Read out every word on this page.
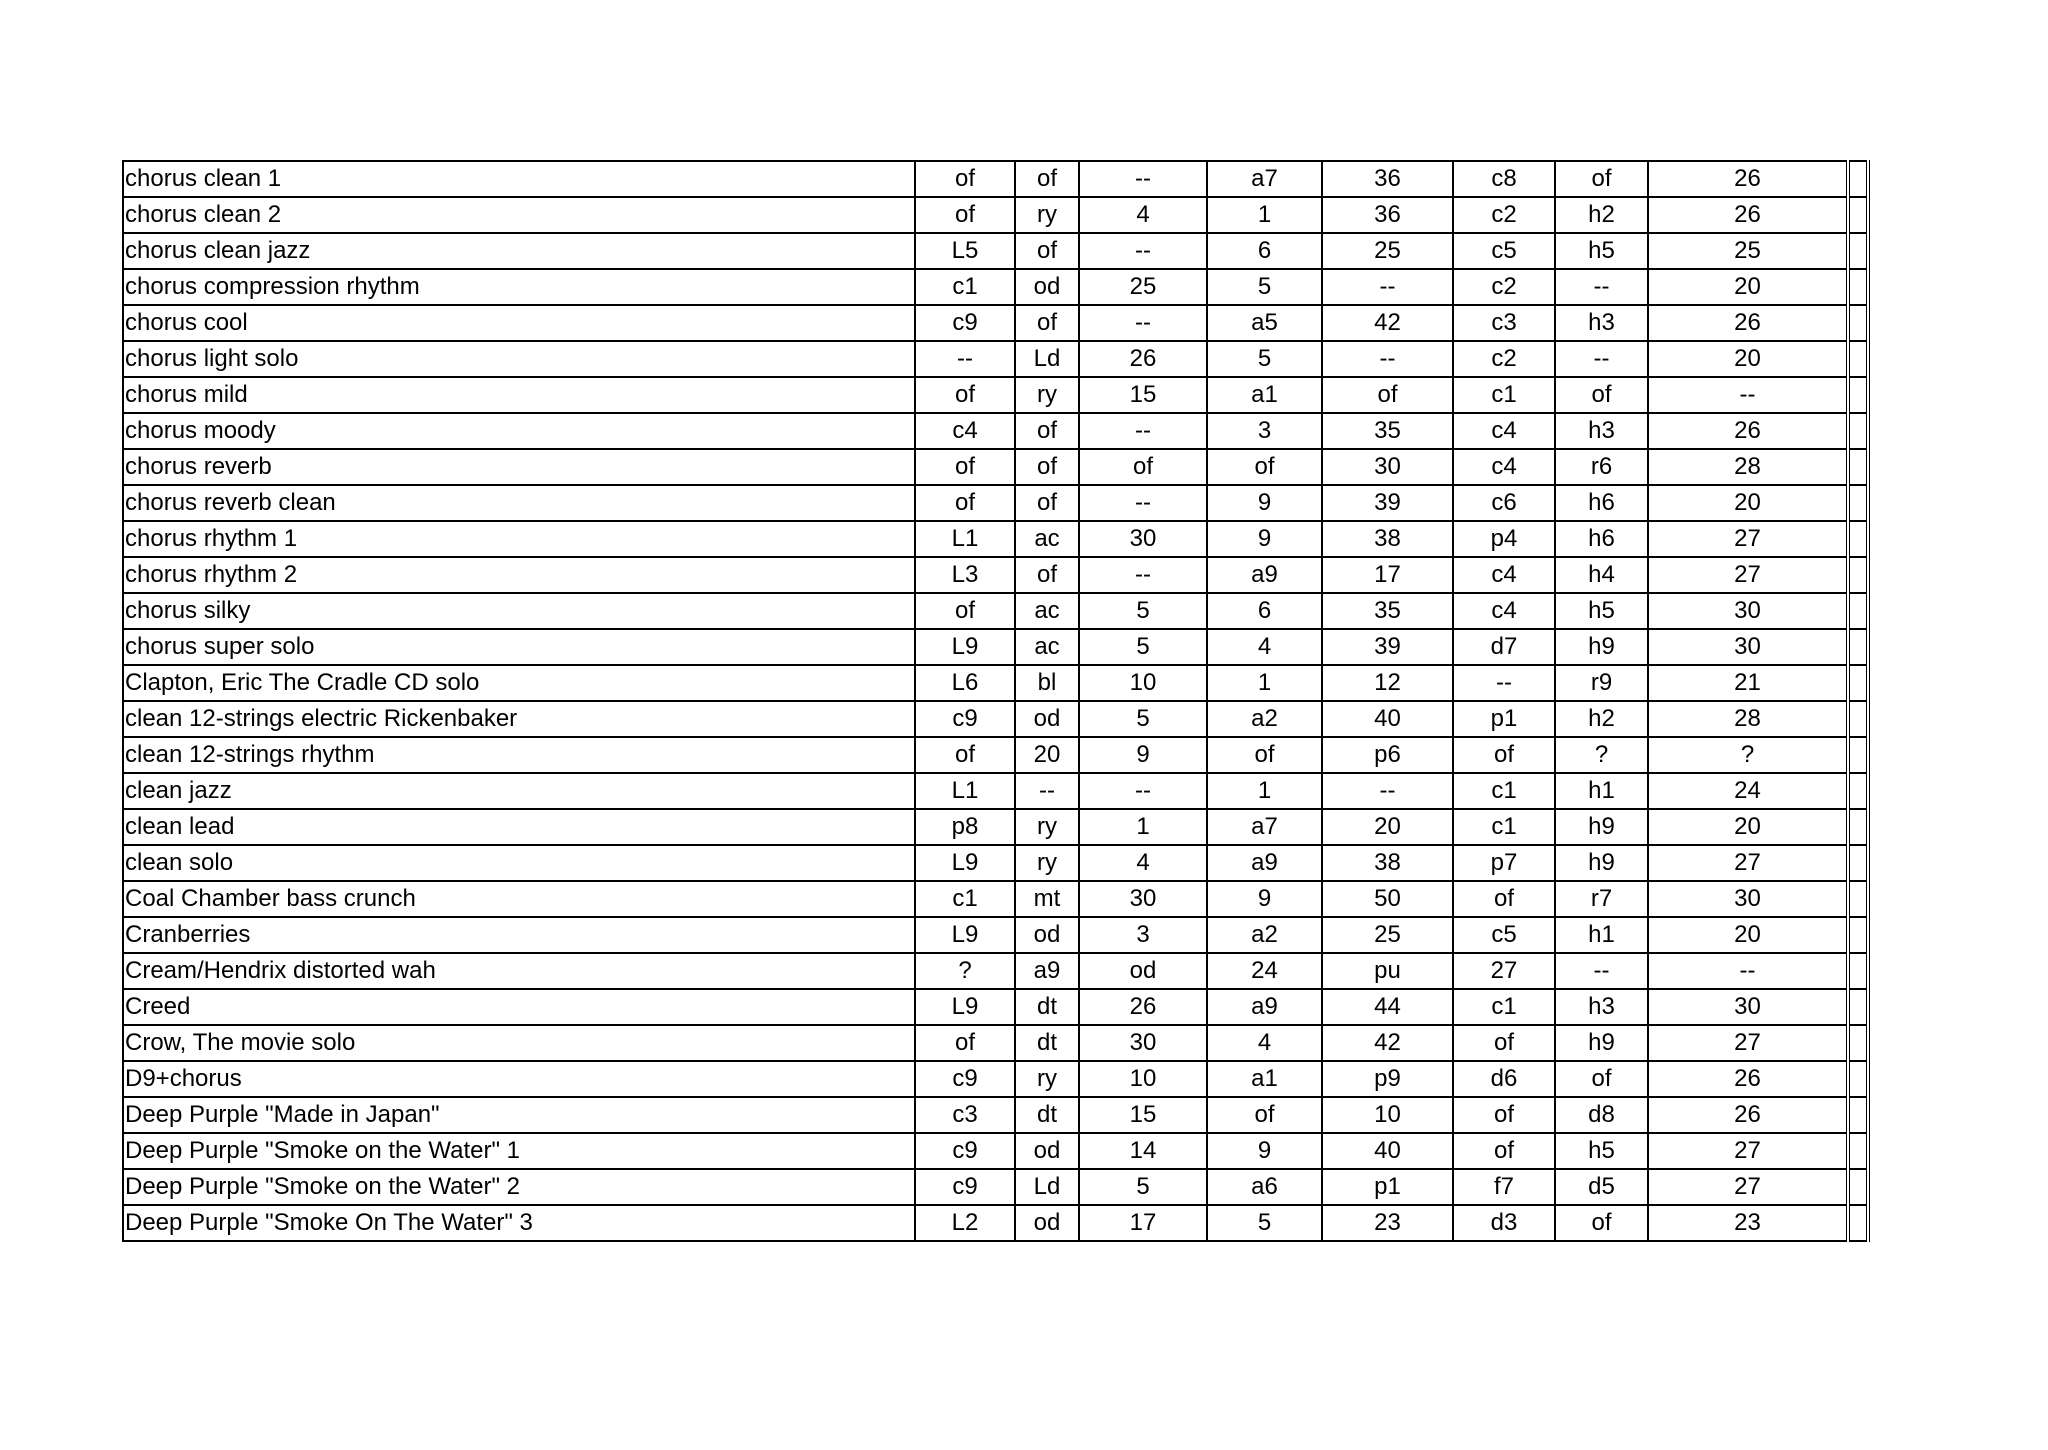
chorus clean 1	of	of	--	a7	36	c8	of	26	
chorus clean 2	of	ry	4	1	36	c2	h2	26	
chorus clean jazz	L5	of	--	6	25	c5	h5	25	
chorus compression rhythm	c1	od	25	5	--	c2	--	20	
chorus cool	c9	of	--	a5	42	c3	h3	26	
chorus light solo	--	Ld	26	5	--	c2	--	20	
chorus mild	of	ry	15	a1	of	c1	of	--	
chorus moody	c4	of	--	3	35	c4	h3	26	
chorus reverb	of	of	of	of	30	c4	r6	28	
chorus reverb clean	of	of	--	9	39	c6	h6	20	
chorus rhythm 1	L1	ac	30	9	38	p4	h6	27	
chorus rhythm 2	L3	of	--	a9	17	c4	h4	27	
chorus silky	of	ac	5	6	35	c4	h5	30	
chorus super solo	L9	ac	5	4	39	d7	h9	30	
Clapton, Eric The Cradle CD solo	L6	bl	10	1	12	--	r9	21	
clean 12-strings electric Rickenbaker	c9	od	5	a2	40	p1	h2	28	
clean 12-strings rhythm	of	20	9	of	p6	of	?	?	
clean jazz	L1	--	--	1	--	c1	h1	24	
clean lead	p8	ry	1	a7	20	c1	h9	20	
clean solo	L9	ry	4	a9	38	p7	h9	27	
Coal Chamber bass crunch	c1	mt	30	9	50	of	r7	30	
Cranberries	L9	od	3	a2	25	c5	h1	20	
Cream/Hendrix distorted wah	?	a9	od	24	pu	27	--	--	
Creed	L9	dt	26	a9	44	c1	h3	30	
Crow, The movie solo	of	dt	30	4	42	of	h9	27	
D9+chorus	c9	ry	10	a1	p9	d6	of	26	
Deep Purple "Made in Japan"	c3	dt	15	of	10	of	d8	26	
Deep Purple "Smoke on the Water" 1	c9	od	14	9	40	of	h5	27	
Deep Purple "Smoke on the Water" 2	c9	Ld	5	a6	p1	f7	d5	27	
Deep Purple "Smoke On The Water" 3	L2	od	17	5	23	d3	of	23	
